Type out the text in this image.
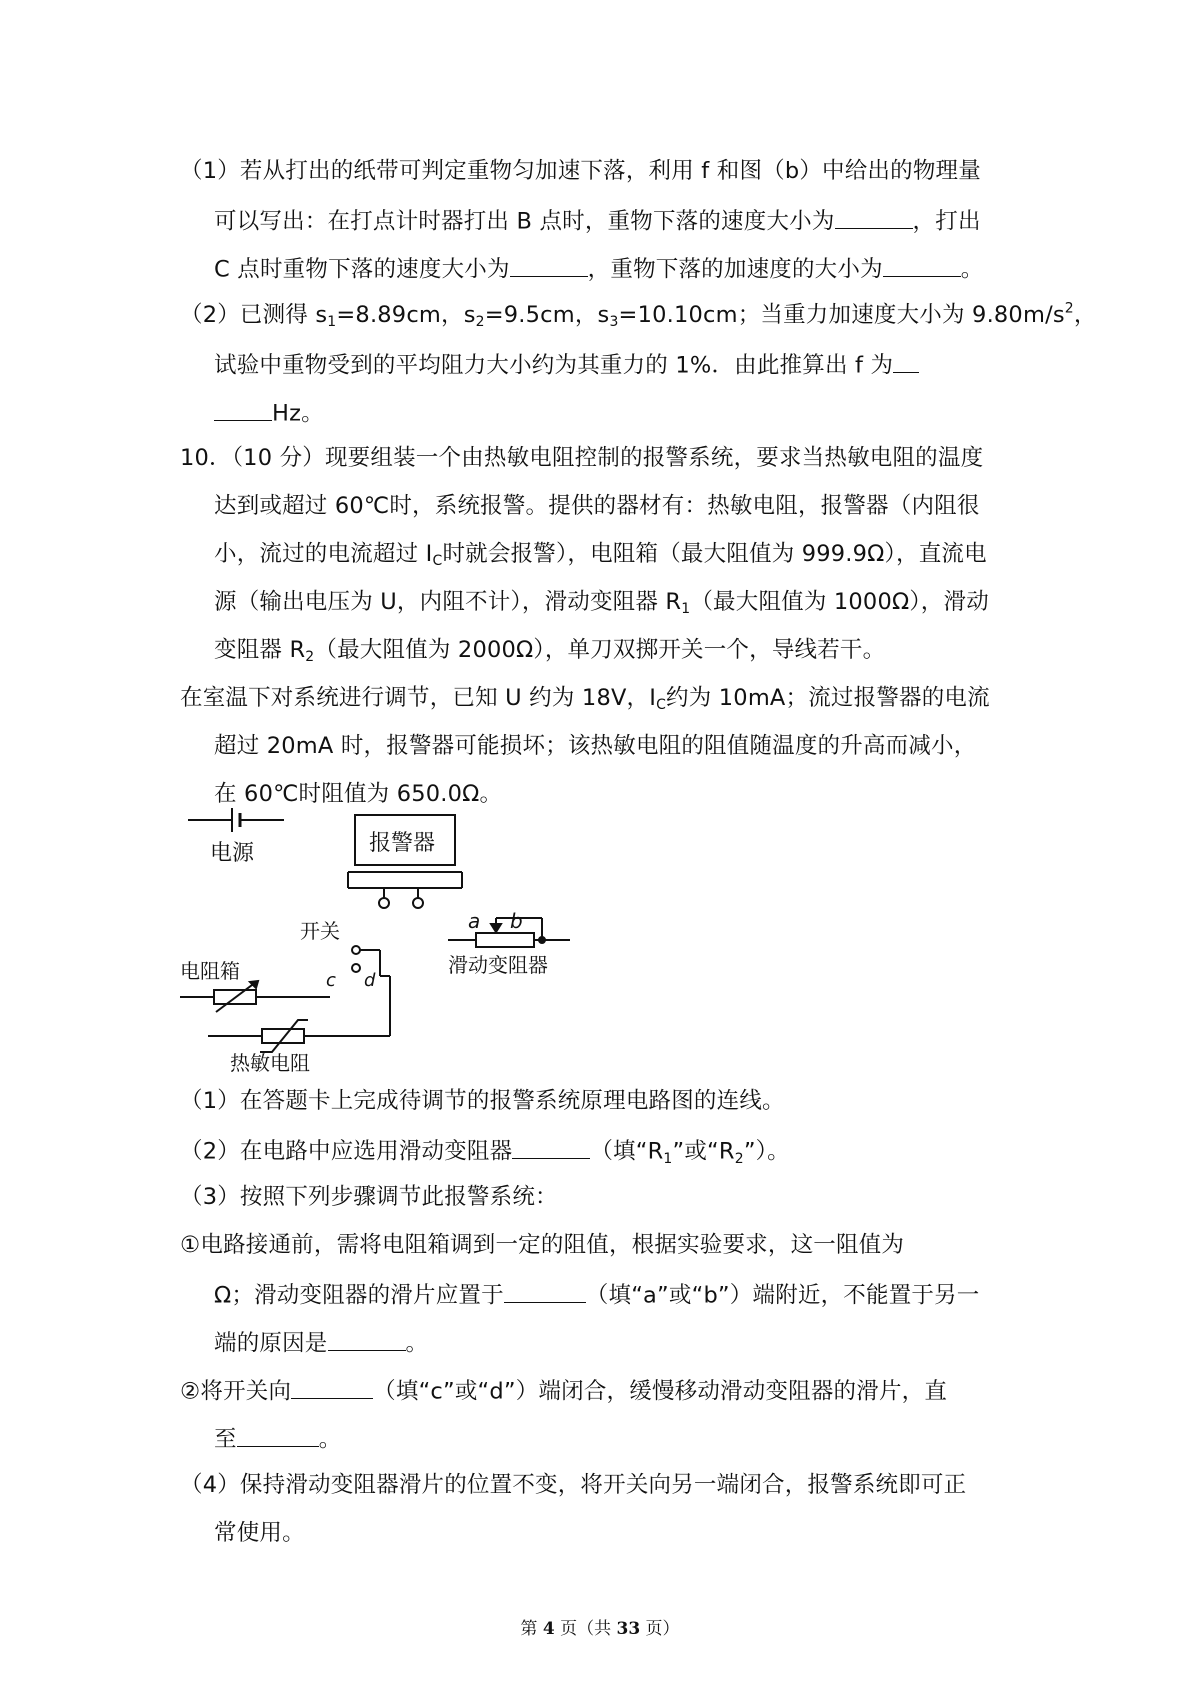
（1）若从打出的纸带可判定重物匀加速下落，利用 f 和图（b）中给出的物理量

可以写出：在打点计时器打出 B 点时，重物下落的速度大小为	，打出

C 点时重物下落的速度大小为	，重物下落的加速度的大小为	。

（2）已测得 $s_1=8.89cm$，$s_2=9.5cm$，$s_3=10.10cm$；当重力加速度大小为 $9.80m/s^2$，

试验中重物受到的平均阻力大小约为其重力的 1%．由此推算出 f 为

Hz。

10．（10 分）现要组装一个由热敏电阻控制的报警系统，要求当热敏电阻的温度

达到或超过 60℃时，系统报警。提供的器材有：热敏电阻，报警器（内阻很

小，流过的电流超过 $I_C$时就会报警），电阻箱（最大阻值为 999.9Ω），直流电

源（输出电压为 U，内阻不计），滑动变阻器 $R_1$（最大阻值为 1000Ω），滑动

变阻器 $R_2$（最大阻值为 2000Ω），单刀双掷开关一个，导线若干。

在室温下对系统进行调节，已知 U 约为 18V，$I_C$约为 10mA；流过报警器的电流

超过 20mA 时，报警器可能损坏；该热敏电阻的阻值随温度的升高而减小，

在 60℃时阻值为 650.0Ω。

电源	报警器
a b
滑动变阻器
开关
c d
电阻箱
热敏电阻

（1）在答题卡上完成待调节的报警系统原理电路图的连线。

（2）在电路中应选用滑动变阻器	（填“$R_1$”或“$R_2$”）。

（3）按照下列步骤调节此报警系统：

①电路接通前，需将电阻箱调到一定的阻值，根据实验要求，这一阻值为

Ω；滑动变阻器的滑片应置于	（填“a”或“b”）端附近，不能置于另一

端的原因是	。

②将开关向	（填“c”或“d”）端闭合，缓慢移动滑动变阻器的滑片，直

至	。

（4）保持滑动变阻器滑片的位置不变，将开关向另一端闭合，报警系统即可正

常使用。

第 4 页（共 33 页）
